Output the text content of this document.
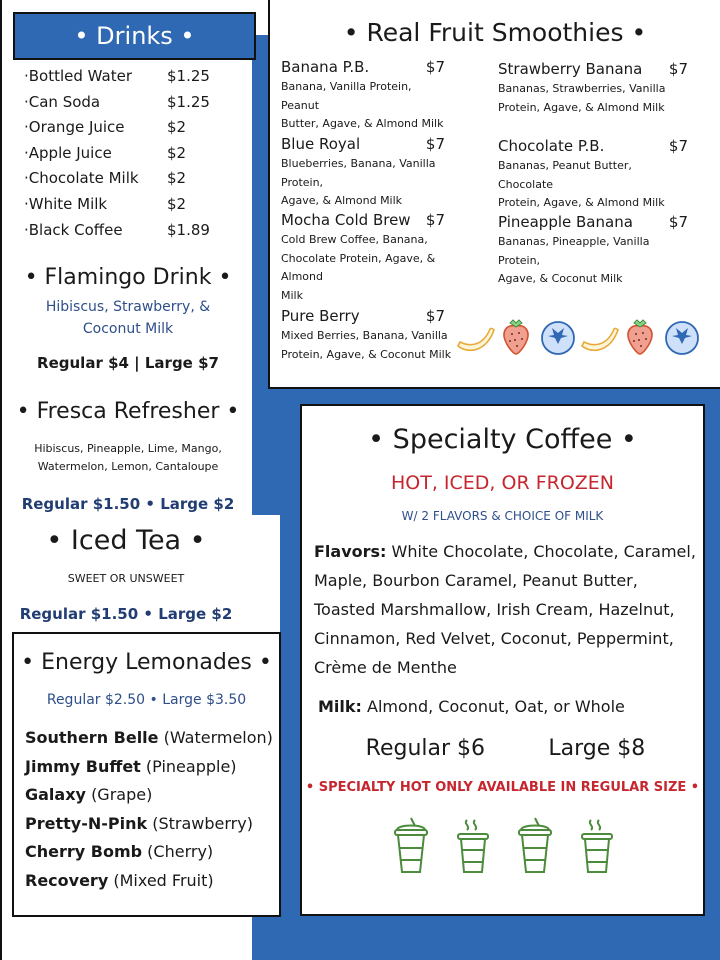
• Drinks •
·Bottled Water	$1.25
·Can Soda	$1.25
·Orange Juice	$2
·Apple Juice	$2
·Chocolate Milk	$2
·White Milk	$2
·Black Coffee	$1.89
• Flamingo Drink •
Hibiscus, Strawberry, &
Coconut Milk
Regular $4 | Large $7
• Fresca Refresher •
Hibiscus, Pineapple, Lime, Mango,
Watermelon, Lemon, Cantaloupe
Regular $1.50 • Large $2
• Iced Tea •
SWEET OR UNSWEET
Regular $1.50 • Large $2
• Energy Lemonades •
Regular $2.50 • Large $3.50
Southern Belle (Watermelon)
Jimmy Buffet (Pineapple)
Galaxy (Grape)
Pretty-N-Pink (Strawberry)
Cherry Bomb (Cherry)
Recovery (Mixed Fruit)
• Real Fruit Smoothies •
Banana P.B.	$7
Banana, Vanilla Protein, Peanut
Butter, Agave, & Almond Milk
Blue Royal	$7
Blueberries, Banana, Vanilla Protein,
Agave, & Almond Milk
Mocha Cold Brew $7
Cold Brew Coffee, Banana,
Chocolate Protein, Agave, & Almond
Milk
Pure Berry	$7
Mixed Berries, Banana, Vanilla
Protein, Agave, & Coconut Milk
Strawberry Banana $7
Bananas, Strawberries, Vanilla
Protein, Agave, & Almond Milk
Chocolate P.B.	$7
Bananas, Peanut Butter, Chocolate
Protein, Agave, & Almond Milk
Pineapple Banana $7
Bananas, Pineapple, Vanilla Protein,
Agave, & Coconut Milk
• Specialty Coffee •
HOT, ICED, OR FROZEN
W/ 2 FLAVORS & CHOICE OF MILK
Flavors: White Chocolate, Chocolate, Caramel,
Maple, Bourbon Caramel, Peanut Butter,
Toasted Marshmallow, Irish Cream, Hazelnut,
Cinnamon, Red Velvet, Coconut, Peppermint,
Crème de Menthe
Milk: Almond, Coconut, Oat, or Whole
Regular $6	Large $8
• SPECIALTY HOT ONLY AVAILABLE IN REGULAR SIZE •
